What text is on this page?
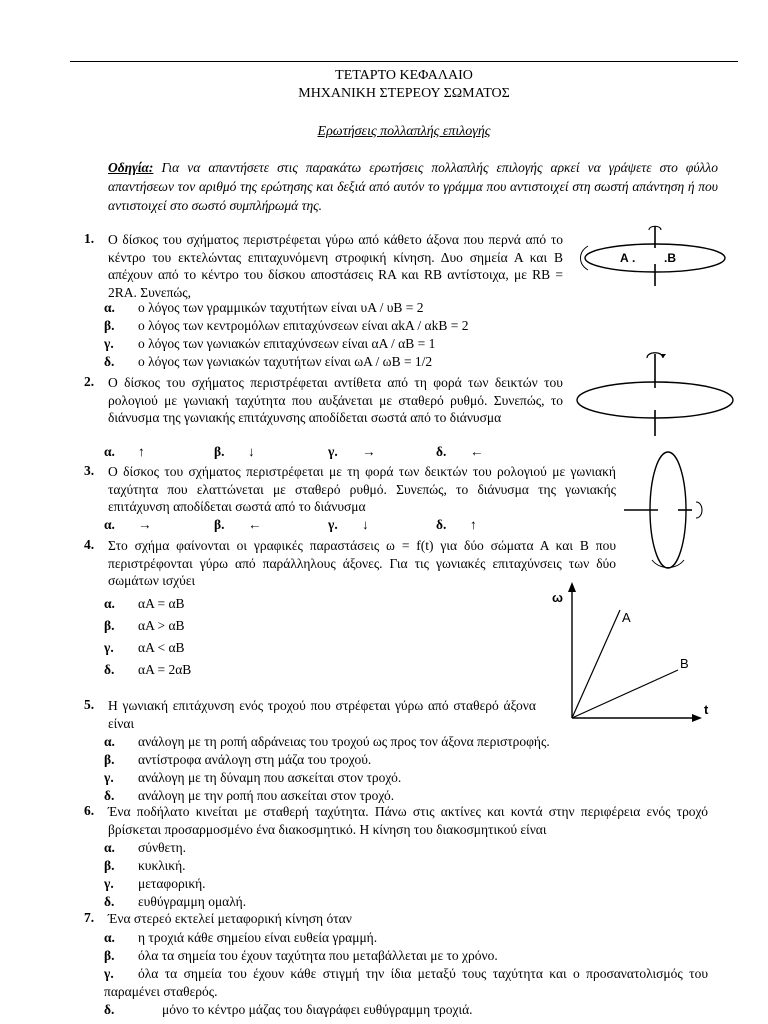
ΤΕΤΑΡΤΟ ΚΕΦΑΛΑΙΟ
ΜΗΧΑΝΙΚΗ ΣΤΕΡΕΟΥ ΣΩΜΑΤΟΣ
Ερωτήσεις πολλαπλής επιλογής
Οδηγία: Για να απαντήσετε στις παρακάτω ερωτήσεις πολλαπλής επιλογής αρκεί να γράψετε στο φύλλο απαντήσεων τον αριθμό της ερώτησης και δεξιά από αυτόν το γράμμα που αντιστοιχεί στη σωστή απάντηση ή που αντιστοιχεί στο σωστό συμπλήρωμά της.
1. Ο δίσκος του σχήματος περιστρέφεται γύρω από κάθετο άξονα που περνά από το κέντρο του εκτελώντας επιταχυνόμενη στροφική κίνηση. Δυο σημεία Α και Β απέχουν από το κέντρο του δίσκου αποστάσεις RA και RB αντίστοιχα, με RB = 2RA. Συνεπώς,
α. ο λόγος των γραμμικών ταχυτήτων είναι υA / υB = 2
β. ο λόγος των κεντρομόλων επιταχύνσεων είναι αkA / αkB = 2
γ. ο λόγος των γωνιακών επιταχύνσεων είναι αA / αB = 1
δ. ο λόγος των γωνιακών ταχυτήτων είναι ωA / ωB = 1/2
Α . .Β
2. Ο δίσκος του σχήματος περιστρέφεται αντίθετα από τη φορά των δεικτών του ρολογιού με γωνιακή ταχύτητα που αυξάνεται με σταθερό ρυθμό. Συνεπώς, το διάνυσμα της γωνιακής επιτάχυνσης αποδίδεται σωστά από το διάνυσμα
α. ↑	β. ↓	γ. →	δ. ←
3. Ο δίσκος του σχήματος περιστρέφεται με τη φορά των δεικτών του ρολογιού με γωνιακή ταχύτητα που ελαττώνεται με σταθερό ρυθμό. Συνεπώς, το διάνυσμα της γωνιακής επιτάχυνση αποδίδεται σωστά από το διάνυσμα
α. →	β. ←	γ. ↓	δ. ↑
4. Στο σχήμα φαίνονται οι γραφικές παραστάσεις ω = f(t) για δύο σώματα Α και Β που περιστρέφονται γύρω από παράλληλους άξονες. Για τις γωνιακές επιταχύνσεις των δύο σωμάτων ισχύει
α. αA = αB
β. αA > αB
γ. αA < αB
δ. αA = 2αB
ω
t
A
B
5. Η γωνιακή επιτάχυνση ενός τροχού που στρέφεται γύρω από σταθερό άξονα είναι
α. ανάλογη με τη ροπή αδράνειας του τροχού ως προς τον άξονα περιστροφής.
β. αντίστροφα ανάλογη στη μάζα του τροχού.
γ. ανάλογη με τη δύναμη που ασκείται στον τροχό.
δ. ανάλογη με την ροπή που ασκείται στον τροχό.
6. Ένα ποδήλατο κινείται με σταθερή ταχύτητα. Πάνω στις ακτίνες και κοντά στην περιφέρεια ενός τροχό βρίσκεται προσαρμοσμένο ένα διακοσμητικό. Η κίνηση του διακοσμητικού είναι
α. σύνθετη.
β. κυκλική.
γ. μεταφορική.
δ. ευθύγραμμη ομαλή.
7. Ένα στερεό εκτελεί μεταφορική κίνηση όταν
α. η τροχιά κάθε σημείου είναι ευθεία γραμμή.
β. όλα τα σημεία του έχουν ταχύτητα που μεταβάλλεται με το χρόνο.
γ. όλα τα σημεία του έχουν κάθε στιγμή την ίδια μεταξύ τους ταχύτητα και ο προσανατολισμός του παραμένει σταθερός.
δ.	μόνο το κέντρο μάζας του διαγράφει ευθύγραμμη τροχιά.
